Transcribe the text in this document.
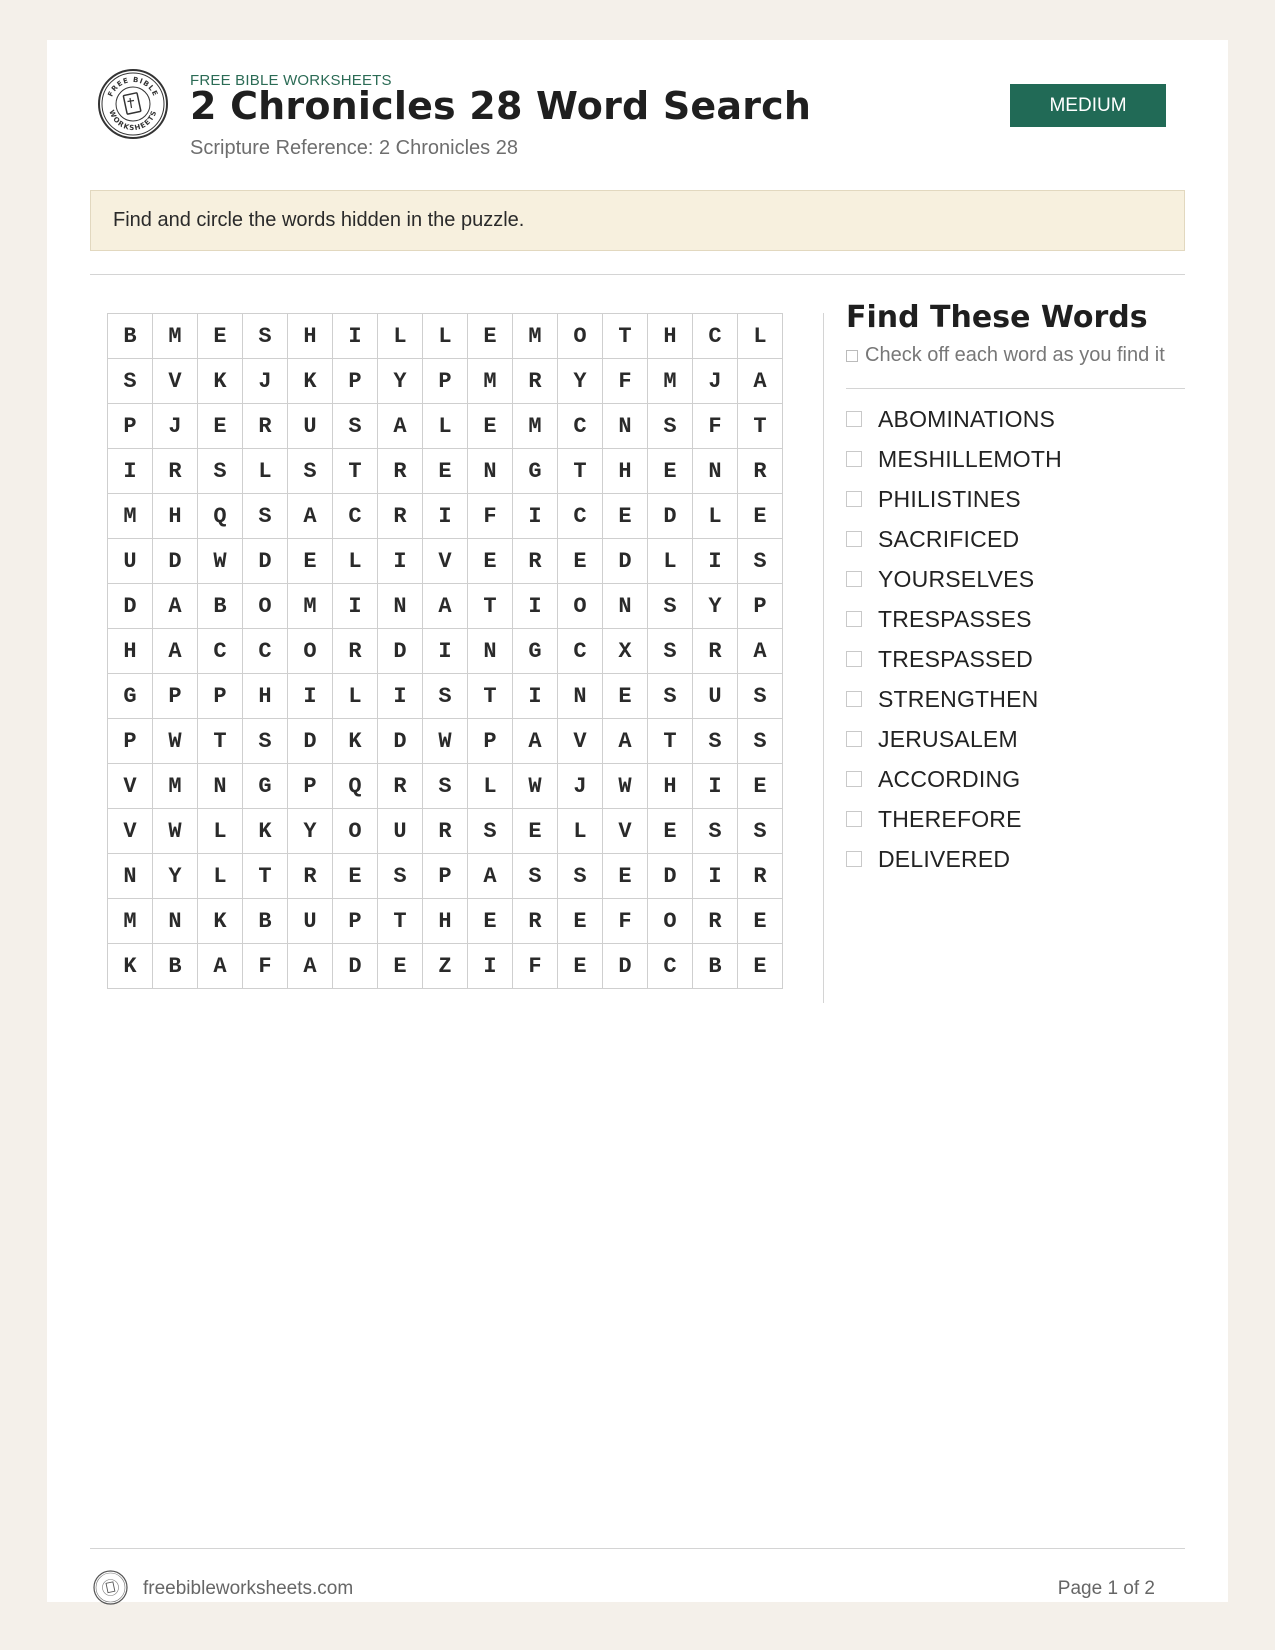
FREE BIBLE
WORKSHEETS
FREE BIBLE WORKSHEETS
2 Chronicles 28 Word Search
Scripture Reference: 2 Chronicles 28
MEDIUM
Find and circle the words hidden in the puzzle.
B	M	E	S	H	I	L	L	E	M	O	T	H	C	L
S	V	K	J	K	P	Y	P	M	R	Y	F	M	J	A
P	J	E	R	U	S	A	L	E	M	C	N	S	F	T
I	R	S	L	S	T	R	E	N	G	T	H	E	N	R
M	H	Q	S	A	C	R	I	F	I	C	E	D	L	E
U	D	W	D	E	L	I	V	E	R	E	D	L	I	S
D	A	B	O	M	I	N	A	T	I	O	N	S	Y	P
H	A	C	C	O	R	D	I	N	G	C	X	S	R	A
G	P	P	H	I	L	I	S	T	I	N	E	S	U	S
P	W	T	S	D	K	D	W	P	A	V	A	T	S	S
V	M	N	G	P	Q	R	S	L	W	J	W	H	I	E
V	W	L	K	Y	O	U	R	S	E	L	V	E	S	S
N	Y	L	T	R	E	S	P	A	S	S	E	D	I	R
M	N	K	B	U	P	T	H	E	R	E	F	O	R	E
K	B	A	F	A	D	E	Z	I	F	E	D	C	B	E
Find These Words
Check off each word as you find it
ABOMINATIONS
MESHILLEMOTH
PHILISTINES
SACRIFICED
YOURSELVES
TRESPASSES
TRESPASSED
STRENGTHEN
JERUSALEM
ACCORDING
THEREFORE
DELIVERED
freebibleworksheets.com	Page 1 of 2
